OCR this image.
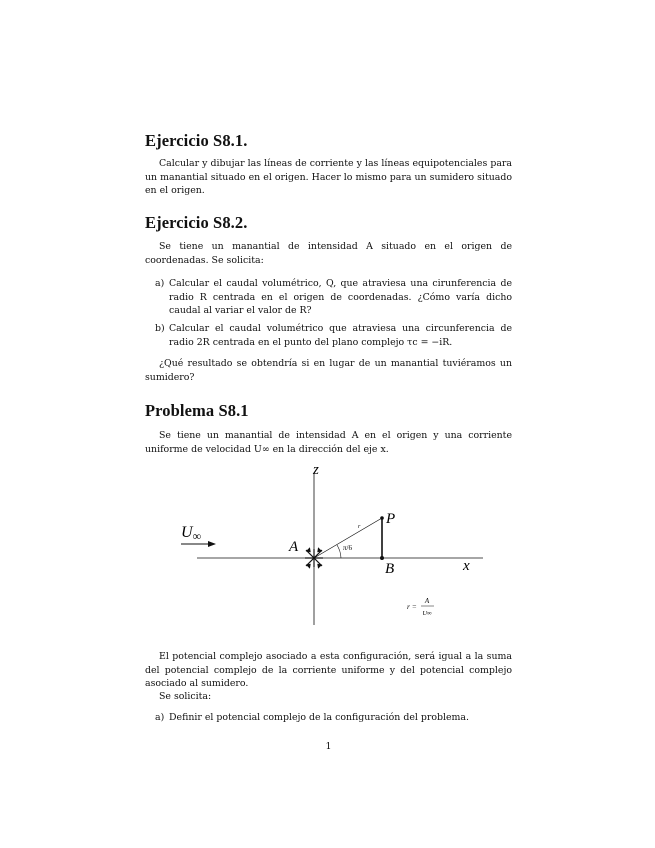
Ejercicio S8.1.

Calcular y dibujar las líneas de corriente y las líneas equipotenciales para un manantial situado en el origen. Hacer lo mismo para un sumidero situado en el origen.

Ejercicio S8.2.

Se tiene un manantial de intensidad A situado en el origen de coordenadas. Se solicita:

a) Calcular el caudal volumétrico, Q, que atraviesa una cirunferencia de radio R centrada en el origen de coordenadas. ¿Cómo varía dicho caudal al variar el valor de R?
b) Calcular el caudal volumétrico que atraviesa una circunferencia de radio 2R centrada en el punto del plano complejo τc = −iR.

¿Qué resultado se obtendría si en lugar de un manantial tuviéramos un sumidero?

Problema S8.1

Se tiene un manantial de intensidad A en el origen y una corriente uniforme de velocidad U∞ en la dirección del eje x.

z
x
P
A
B
U∞
r
π/6
r =
A
U∞

El potencial complejo asociado a esta configuración, será igual a la suma del potencial complejo de la corriente uniforme y del potencial complejo asociado al sumidero.

Se solicita:

a) Definir el potencial complejo de la configuración del problema.
1
